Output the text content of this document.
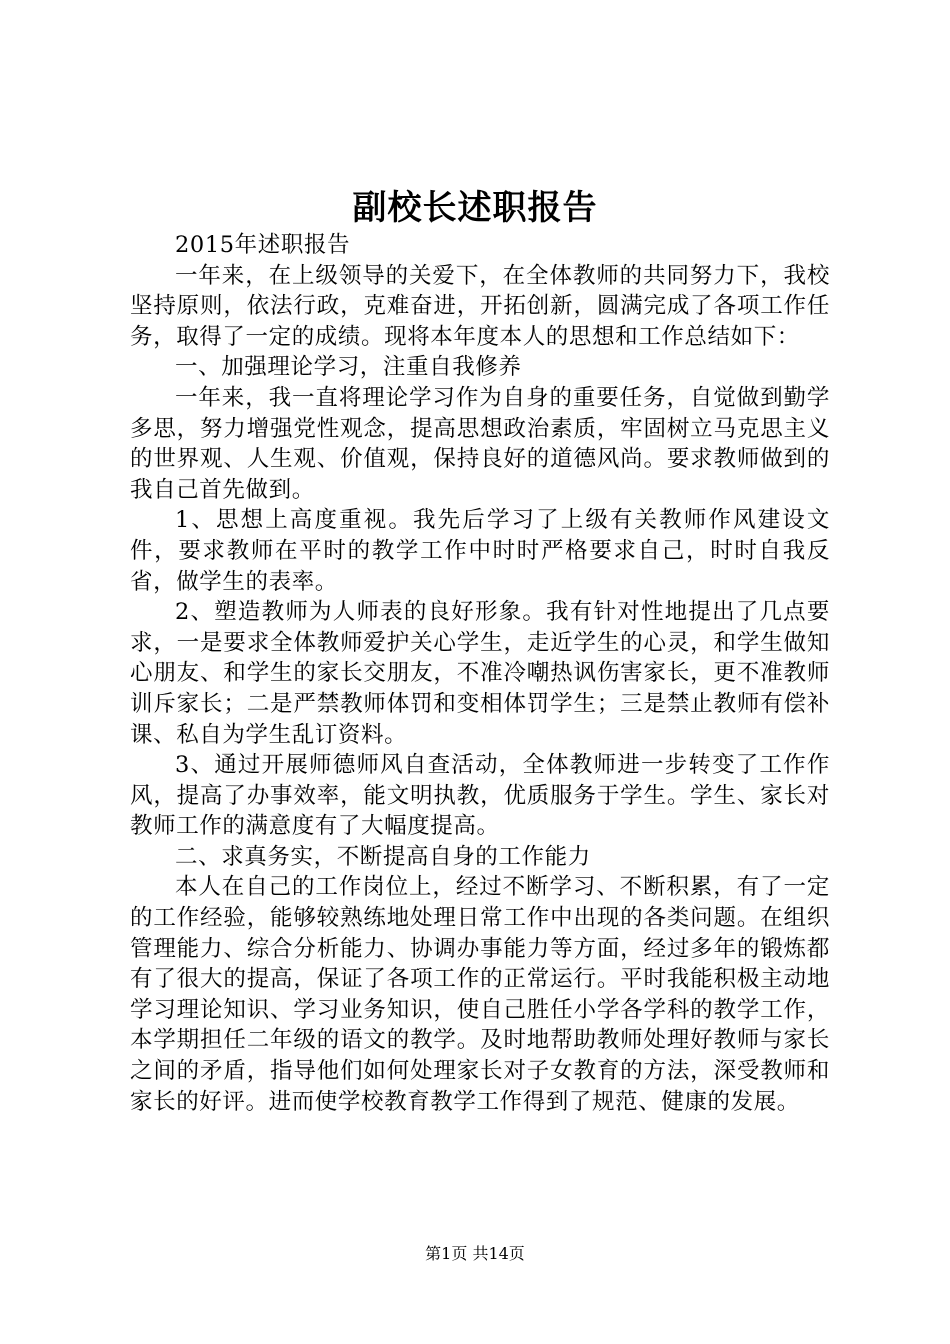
副校长述职报告

2015年述职报告

一年来，在上级领导的关爱下，在全体教师的共同努力下，我校坚持原则，依法行政，克难奋进，开拓创新，圆满完成了各项工作任务，取得了一定的成绩。现将本年度本人的思想和工作总结如下：

一、加强理论学习，注重自我修养

一年来，我一直将理论学习作为自身的重要任务，自觉做到勤学多思，努力增强党性观念，提高思想政治素质，牢固树立马克思主义的世界观、人生观、价值观，保持良好的道德风尚。要求教师做到的我自己首先做到。

1、思想上高度重视。我先后学习了上级有关教师作风建设文件，要求教师在平时的教学工作中时时严格要求自己，时时自我反省，做学生的表率。

2、塑造教师为人师表的良好形象。我有针对性地提出了几点要求，一是要求全体教师爱护关心学生，走近学生的心灵，和学生做知心朋友、和学生的家长交朋友，不准冷嘲热讽伤害家长，更不准教师训斥家长；二是严禁教师体罚和变相体罚学生；三是禁止教师有偿补课、私自为学生乱订资料。

3、通过开展师德师风自查活动，全体教师进一步转变了工作作风，提高了办事效率，能文明执教，优质服务于学生。学生、家长对教师工作的满意度有了大幅度提高。

二、求真务实，不断提高自身的工作能力

本人在自己的工作岗位上，经过不断学习、不断积累，有了一定的工作经验，能够较熟练地处理日常工作中出现的各类问题。在组织管理能力、综合分析能力、协调办事能力等方面，经过多年的锻炼都有了很大的提高，保证了各项工作的正常运行。平时我能积极主动地学习理论知识、学习业务知识，使自己胜任小学各学科的教学工作，本学期担任二年级的语文的教学。及时地帮助教师处理好教师与家长之间的矛盾，指导他们如何处理家长对子女教育的方法，深受教师和家长的好评。进而使学校教育教学工作得到了规范、健康的发展。

第1页 共14页
